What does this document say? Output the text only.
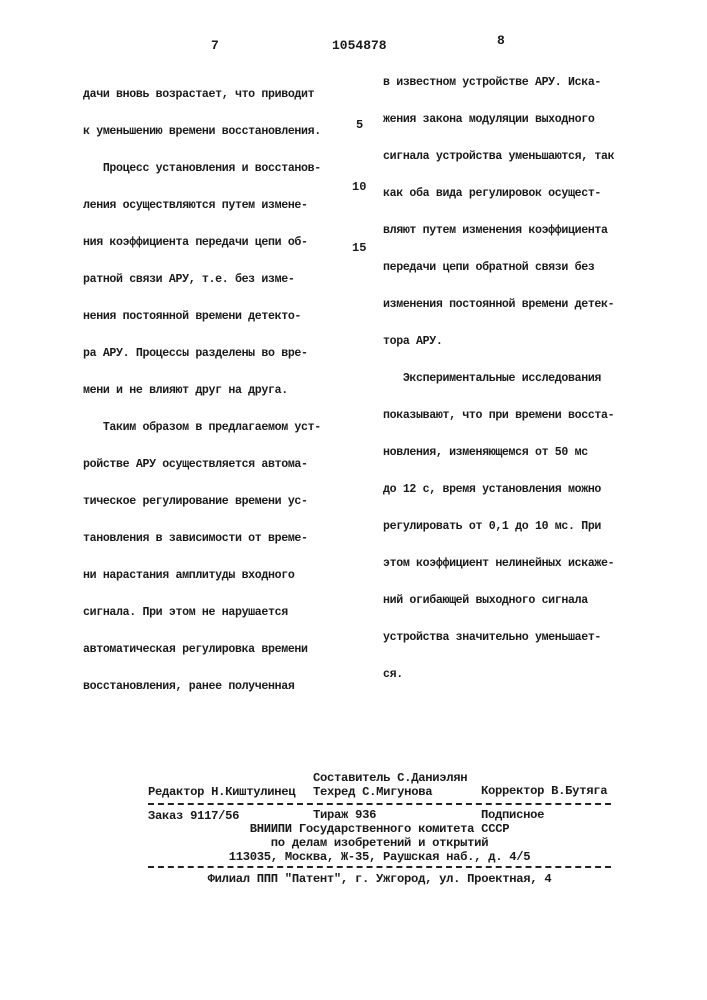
7	1054878	8

дачи вновь возрастает, что приводит

к уменьшению времени восстановления.

Процесс установления и восстанов-

ления осуществляются путем измене-

ния коэффициента передачи цепи об-

ратной связи АРУ, т.е. без изме-

нения постоянной времени детекто-

ра АРУ. Процессы разделены во вре-

мени и не влияют друг на друга.

Таким образом в предлагаемом уст-

ройстве АРУ осуществляется автома-

тическое регулирование времени ус-

тановления в зависимости от време-

ни нарастания амплитуды входного

сигнала. При этом не нарушается

автоматическая регулировка времени

восстановления, ранее полученная

5
10
15

в известном устройстве АРУ. Иска-

жения закона модуляции выходного

сигнала устройства уменьшаются, так

как оба вида регулировок осущест-

вляют путем изменения коэффициента

передачи цепи обратной связи без

изменения постоянной времени детек-

тора АРУ.

Экспериментальные исследования

показывают, что при времени восста-

новления, изменяющемся от 50 мс

до 12 с, время установления можно

регулировать от 0,1 до 10 мс. При

этом коэффициент нелинейных искаже-

ний огибающей выходного сигнала

устройства значительно уменьшает-

ся.

Составитель С.Даниэлян
Редактор Н.Киштулинец Техред С.Мигунова	Корректор В.Бутяга
Заказ 9117/56	Тираж 936	Подписное
ВНИИПИ Государственного комитета СССР
по делам изобретений и открытий
113035, Москва, Ж-35, Раушская наб., д. 4/5
Филиал ППП "Патент", г. Ужгород, ул. Проектная, 4
